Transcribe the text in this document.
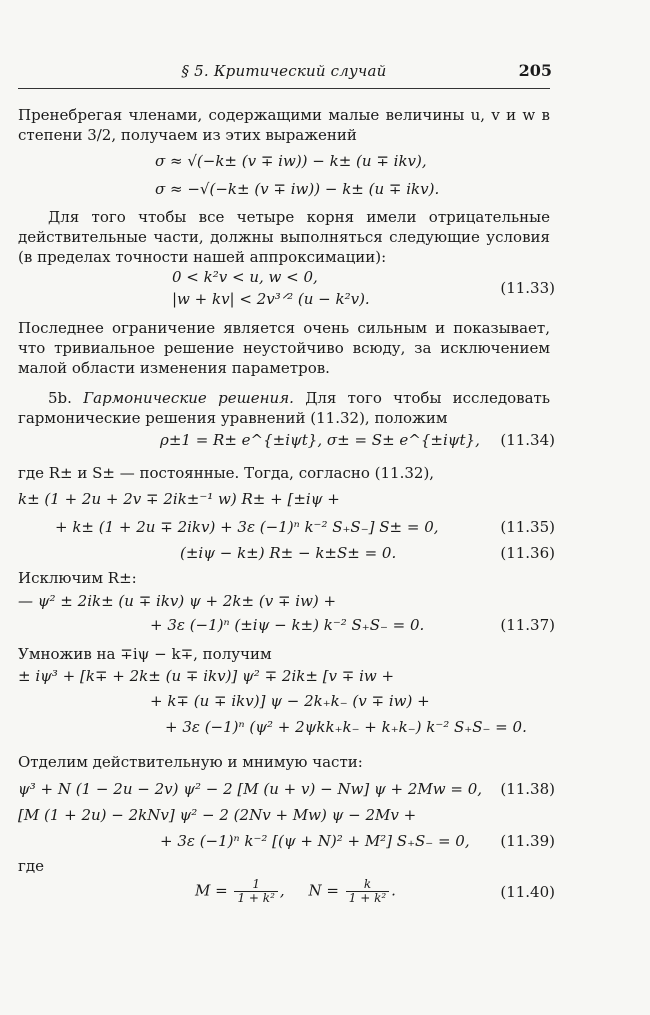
§ 5. Критический случай	205
Пренебрегая членами, содержащими малые величины u, v и w в степени 3/2, получаем из этих выражений
σ ≈ √(−k± (v ∓ iw)) − k± (u ∓ ikv),
σ ≈ −√(−k± (v ∓ iw)) − k± (u ∓ ikv).
Для того чтобы все четыре корня имели отрицательные действительные части, должны выполняться следующие условия (в пределах точности нашей аппроксимации):
0 < k²v < u, w < 0,
|w + kv| < 2v³ᐟ² (u − k²v).
(11.33)
Последнее ограничение является очень сильным и показывает, что тривиальное решение неустойчиво всюду, за исключением малой области изменения параметров.
5b. Гармонические решения. Для того чтобы исследовать гармонические решения уравнений (11.32), положим
ρ±1 = R± e^{±iψt}, σ± = S± e^{±iψt}, (11.34)
где R± и S± — постоянные. Тогда, согласно (11.32),
k± (1 + 2u + 2v ∓ 2ik±⁻¹ w) R± + [±iψ +
+ k± (1 + 2u ∓ 2ikv) + 3ε (−1)ⁿ k⁻² S₊S₋] S± = 0,	(11.35)
(±iψ − k±) R± − k±S± = 0.	(11.36)
Исключим R±:
— ψ² ± 2ik± (u ∓ ikv) ψ + 2k± (v ∓ iw) +
+ 3ε (−1)ⁿ (±iψ − k±) k⁻² S₊S₋ = 0.	(11.37)
Умножив на ∓iψ − k∓, получим
± iψ³ + [k∓ + 2k± (u ∓ ikv)] ψ² ∓ 2ik± [v ∓ iw +
+ k∓ (u ∓ ikv)] ψ − 2k₊k₋ (v ∓ iw) +
+ 3ε (−1)ⁿ (ψ² + 2ψkk₊k₋ + k₊k₋) k⁻² S₊S₋ = 0.
Отделим действительную и мнимую части:
ψ³ + N (1 − 2u − 2v) ψ² − 2 [M (u + v) − Nw] ψ + 2Mw = 0, (11.38)
[M (1 + 2u) − 2kNv] ψ² − 2 (2Nv + Mw) ψ − 2Mv +
+ 3ε (−1)ⁿ k⁻² [(ψ + N)² + M²] S₊S₋ = 0, (11.39)
где
$M = \frac{1}{\text{1 + k²}}$ ,     $N = \frac{k}{\text{1 + k²}}$ .	(11.40)
